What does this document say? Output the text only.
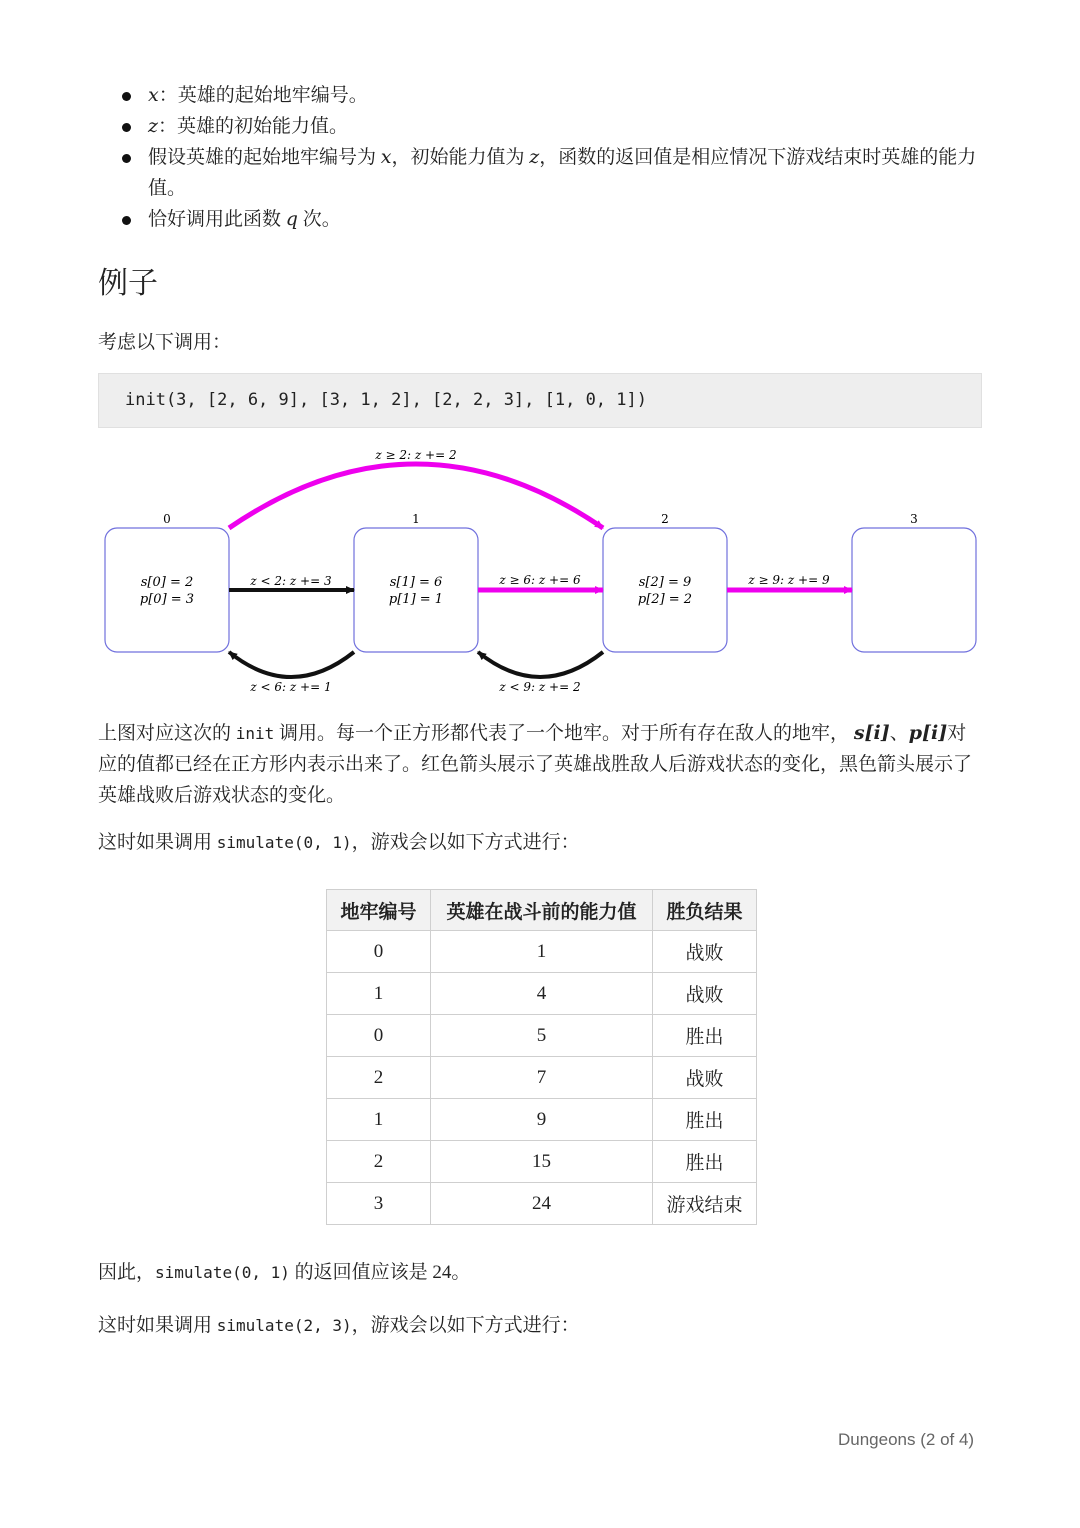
x：英雄的起始地牢编号。
z：英雄的初始能力值。
假设英雄的起始地牢编号为 x，初始能力值为 z，函数的返回值是相应情况下游戏结束时英雄的能力值。
恰好调用此函数 q 次。
例子
考虑以下调用：
init(3, [2, 6, 9], [3, 1, 2], [2, 2, 3], [1, 0, 1])
0	1	2	3
s[0] = 2
p[0] = 3
s[1] = 6
p[1] = 1
s[2] = 9
p[2] = 2
z ≥ 2: z += 2
z < 2: z += 3	z ≥ 6: z += 6	z ≥ 9: z += 9
z < 6: z += 1	z < 9: z += 2
上图对应这次的 init 调用。每一个正方形都代表了一个地牢。对于所有存在敌人的地牢， s[i]、p[i]对应的值都已经在正方形内表示出来了。红色箭头展示了英雄战胜敌人后游戏状态的变化，黑色箭头展示了英雄战败后游戏状态的变化。
这时如果调用 simulate(0, 1)，游戏会以如下方式进行：
地牢编号	英雄在战斗前的能力值	胜负结果
0	1	战败
1	4	战败
0	5	胜出
2	7	战败
1	9	胜出
2	15	胜出
3	24	游戏结束
因此，simulate(0, 1) 的返回值应该是 24。
这时如果调用 simulate(2, 3)，游戏会以如下方式进行：
Dungeons (2 of 4)
